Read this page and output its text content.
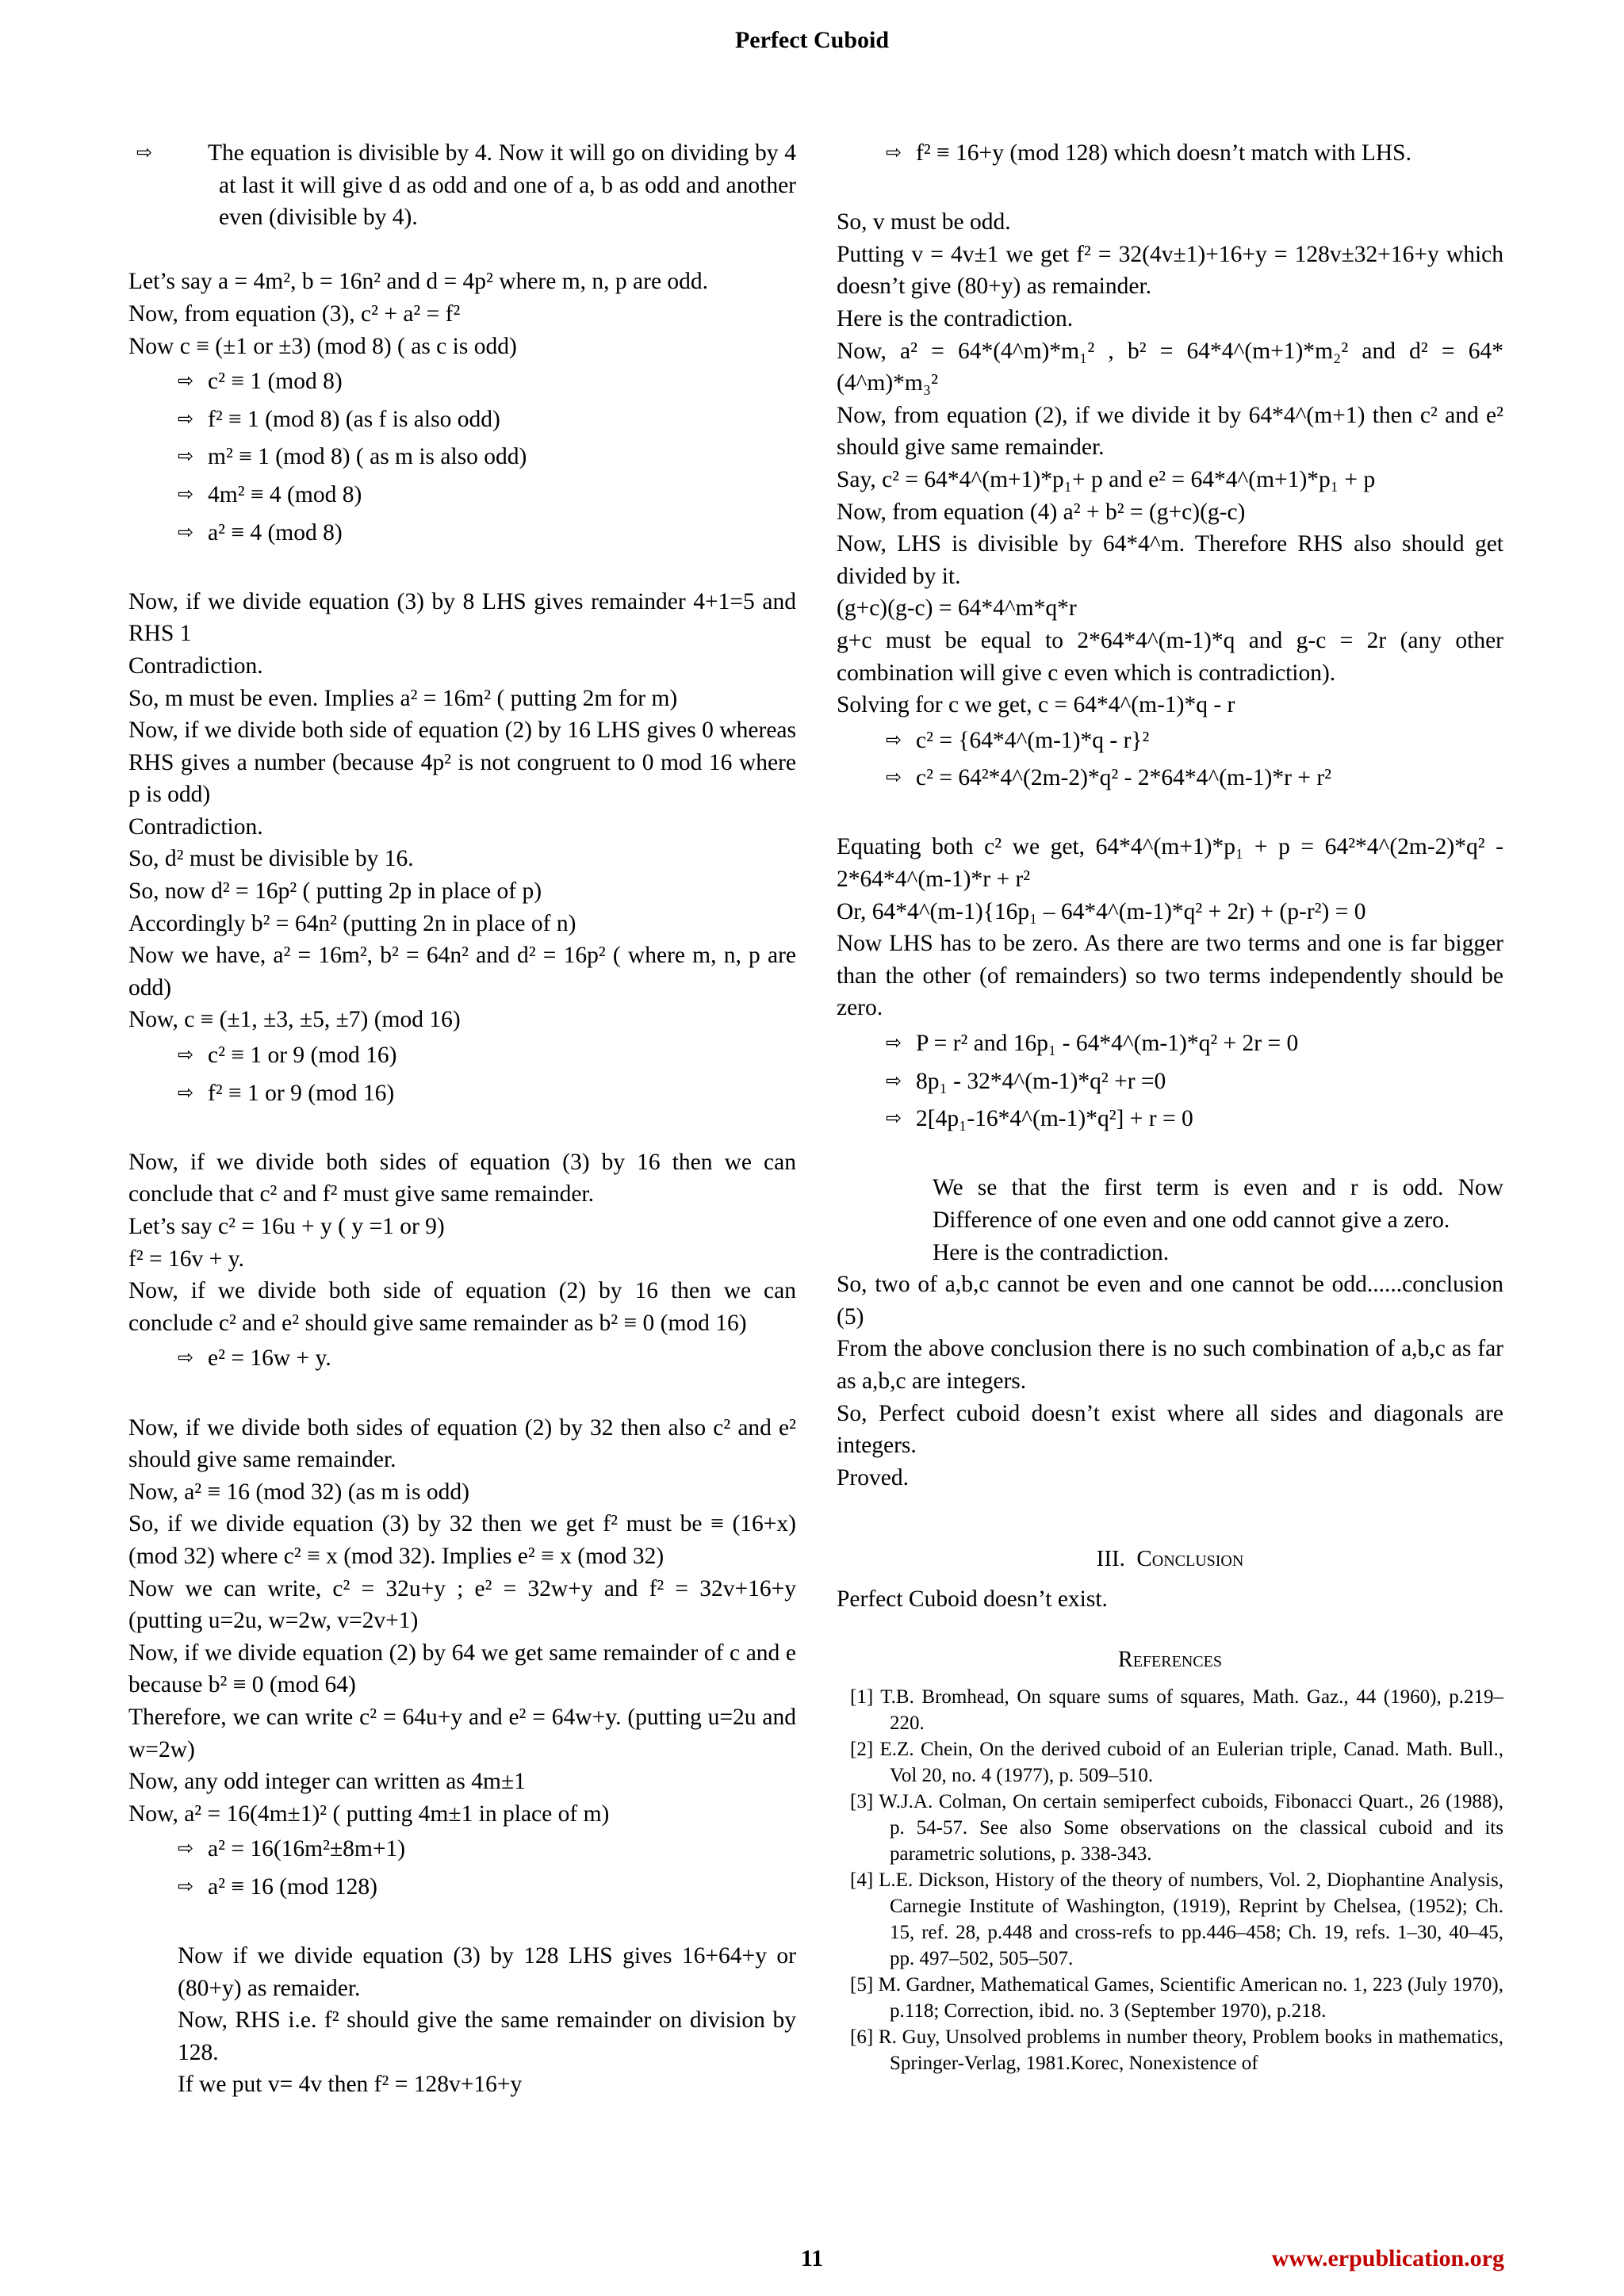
Perfect Cuboid

⇨ The equation is divisible by 4. Now it will go on dividing by 4 at last it will give d as odd and one of a, b as odd and another even (divisible by 4).

Let’s say a = 4m², b = 16n² and d = 4p² where m, n, p are odd.

Now, from equation (3), c² + a² = f²

Now c ≡ (±1 or ±3) (mod 8) ( as c is odd)

⇨ c² ≡ 1 (mod 8)

⇨ f² ≡ 1 (mod 8) (as f is also odd)

⇨ m² ≡ 1 (mod 8) ( as m is also odd)

⇨ 4m² ≡ 4 (mod 8)

⇨ a² ≡ 4 (mod 8)

Now, if we divide equation (3) by 8 LHS gives remainder 4+1=5 and RHS 1

Contradiction.

So, m must be even. Implies a² = 16m² ( putting 2m for m)

Now, if we divide both side of equation (2) by 16 LHS gives 0 whereas RHS gives a number (because 4p² is not congruent to 0 mod 16 where p is odd)

Contradiction.

So, d² must be divisible by 16.

So, now d² = 16p² ( putting 2p in place of p)

Accordingly b² = 64n² (putting 2n in place of n)

Now we have, a² = 16m², b² = 64n² and d² = 16p² ( where m, n, p are odd)

Now, c ≡ (±1, ±3, ±5, ±7) (mod 16)

⇨ c² ≡ 1 or 9 (mod 16)

⇨ f² ≡ 1 or 9 (mod 16)

Now, if we divide both sides of equation (3) by 16 then we can conclude that c² and f² must give same remainder.

Let’s say c² = 16u + y ( y =1 or 9)

f² = 16v + y.

Now, if we divide both side of equation (2) by 16 then we can conclude c² and e² should give same remainder as b² ≡ 0 (mod 16)

⇨ e² = 16w + y.

Now, if we divide both sides of equation (2) by 32 then also c² and e² should give same remainder.

Now, a² ≡ 16 (mod 32) (as m is odd)

So, if we divide equation (3) by 32 then we get f² must be ≡ (16+x) (mod 32) where c² ≡ x (mod 32). Implies e² ≡ x (mod 32)

Now we can write, c² = 32u+y ; e² = 32w+y and f² = 32v+16+y (putting u=2u, w=2w, v=2v+1)

Now, if we divide equation (2) by 64 we get same remainder of c and e because b² ≡ 0 (mod 64)

Therefore, we can write c² = 64u+y and e² = 64w+y. (putting u=2u and w=2w)

Now, any odd integer can written as 4m±1

Now, a² = 16(4m±1)² ( putting 4m±1 in place of m)

⇨ a² = 16(16m²±8m+1)

⇨ a² ≡ 16 (mod 128)

Now if we divide equation (3) by 128 LHS gives 16+64+y or (80+y) as remaider.

Now, RHS i.e. f² should give the same remainder on division by 128.

If we put v= 4v then f² = 128v+16+y

⇨ f² ≡ 16+y (mod 128) which doesn’t match with LHS.

So, v must be odd.

Putting v = 4v±1 we get f² = 32(4v±1)+16+y = 128v±32+16+y which doesn’t give (80+y) as remainder.

Here is the contradiction.

Now, a² = 64*(4^m)*m₁² , b² = 64*4^(m+1)*m₂² and d² = 64*(4^m)*m₃²

Now, from equation (2), if we divide it by 64*4^(m+1) then c² and e² should give same remainder.

Say, c² = 64*4^(m+1)*p₁+ p and e² = 64*4^(m+1)*p₁ + p

Now, from equation (4) a² + b² = (g+c)(g-c)

Now, LHS is divisible by 64*4^m. Therefore RHS also should get divided by it.

(g+c)(g-c) = 64*4^m*q*r

g+c must be equal to 2*64*4^(m-1)*q and g-c = 2r (any other combination will give c even which is contradiction).

Solving for c we get, c = 64*4^(m-1)*q - r

⇨ c² = {64*4^(m-1)*q - r}²

⇨ c² = 64²*4^(2m-2)*q² - 2*64*4^(m-1)*r + r²

Equating both c² we get, 64*4^(m+1)*p₁ + p = 64²*4^(2m-2)*q² - 2*64*4^(m-1)*r + r²

Or, 64*4^(m-1){16p₁ – 64*4^(m-1)*q² + 2r) + (p-r²) = 0

Now LHS has to be zero. As there are two terms and one is far bigger than the other (of remainders) so two terms independently should be zero.

⇨ P = r² and 16p₁ - 64*4^(m-1)*q² + 2r = 0

⇨ 8p₁ - 32*4^(m-1)*q² +r =0

⇨ 2[4p₁-16*4^(m-1)*q²] + r = 0

We se that the first term is even and r is odd. Now Difference of one even and one odd cannot give a zero.

Here is the contradiction.

So, two of a,b,c cannot be even and one cannot be odd......conclusion (5)

From the above conclusion there is no such combination of a,b,c as far as a,b,c are integers.

So, Perfect cuboid doesn’t exist where all sides and diagonals are integers.

Proved.

III. Conclusion

Perfect Cuboid doesn’t exist.

References

[1] T.B. Bromhead, On square sums of squares, Math. Gaz., 44 (1960), p.219–220.

[2] E.Z. Chein, On the derived cuboid of an Eulerian triple, Canad. Math. Bull., Vol 20, no. 4 (1977), p. 509–510.

[3] W.J.A. Colman, On certain semiperfect cuboids, Fibonacci Quart., 26 (1988), p. 54-57. See also Some observations on the classical cuboid and its parametric solutions, p. 338-343.

[4] L.E. Dickson, History of the theory of numbers, Vol. 2, Diophantine Analysis, Carnegie Institute of Washington, (1919), Reprint by Chelsea, (1952); Ch. 15, ref. 28, p.448 and cross-refs to pp.446–458; Ch. 19, refs. 1–30, 40–45, pp. 497–502, 505–507.

[5] M. Gardner, Mathematical Games, Scientific American no. 1, 223 (July 1970), p.118; Correction, ibid. no. 3 (September 1970), p.218.

[6] R. Guy, Unsolved problems in number theory, Problem books in mathematics, Springer-Verlag, 1981.Korec, Nonexistence of

11	www.erpublication.org
